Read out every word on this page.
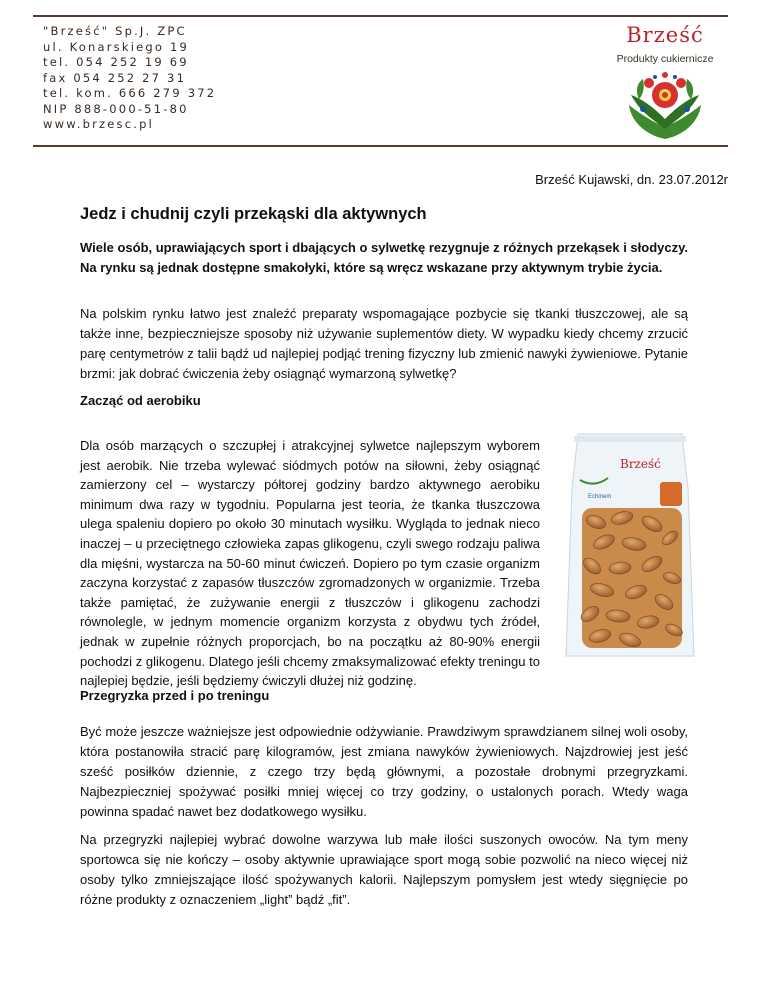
"Brześć" Sp.J. ZPC
ul. Konarskiego 19
tel. 054 252 19 69
fax 054 252 27 31
tel. kom. 666 279 372
NIP 888-000-51-80
www.brzesc.pl
Brześć
Produkty cukiernicze
Brześć Kujawski, dn. 23.07.2012r
Jedz i chudnij czyli przekąski dla aktywnych
Wiele osób, uprawiających sport i dbających o sylwetkę rezygnuje z różnych przekąsek i słodyczy. Na rynku są jednak dostępne smakołyki, które są wręcz wskazane przy aktywnym trybie życia.
Na polskim rynku łatwo jest znaleźć preparaty wspomagające pozbycie się tkanki tłuszczowej, ale są także inne, bezpieczniejsze sposoby niż używanie suplementów diety. W wypadku kiedy chcemy zrzucić parę centymetrów z talii bądź ud najlepiej podjąć trening fizyczny lub zmienić nawyki żywieniowe. Pytanie brzmi: jak dobrać ćwiczenia żeby osiągnąć wymarzoną sylwetkę?
Zacząć od aerobiku
Dla osób marzących o szczupłej i atrakcyjnej sylwetce najlepszym wyborem jest aerobik. Nie trzeba wylewać siódmych potów na siłowni, żeby osiągnąć zamierzony cel – wystarczy półtorej godziny bardzo aktywnego aerobiku minimum dwa razy w tygodniu. Popularna jest teoria, że tkanka tłuszczowa ulega spaleniu dopiero po około 30 minutach wysiłku. Wygląda to jednak nieco inaczej – u przeciętnego człowieka zapas glikogenu, czyli swego rodzaju paliwa dla mięśni, wystarcza na 50-60 minut ćwiczeń. Dopiero po tym czasie organizm zaczyna korzystać z zapasów tłuszczów zgromadzonych w organizmie. Trzeba także pamiętać, że zużywanie energii z tłuszczów i glikogenu zachodzi równolegle, w jednym momencie organizm korzysta z obydwu tych źródeł, jednak w zupełnie różnych proporcjach, bo na początku aż 80-90% energii pochodzi z glikogenu. Dlatego jeśli chcemy zmaksymalizować efekty treningu to najlepiej będzie, jeśli będziemy ćwiczyli dłużej niż godzinę.
Brześć
Echinem
Przegryzka przed i po treningu
Być może jeszcze ważniejsze jest odpowiednie odżywianie. Prawdziwym sprawdzianem silnej woli osoby, która postanowiła stracić parę kilogramów, jest zmiana nawyków żywieniowych. Najzdrowiej jest jeść sześć posiłków dziennie, z czego trzy będą głównymi, a pozostałe drobnymi przegryzkami. Najbezpieczniej spożywać posiłki mniej więcej co trzy godziny, o ustalonych porach. Wtedy waga powinna spadać nawet bez dodatkowego wysiłku.
Na przegryzki najlepiej wybrać dowolne warzywa lub małe ilości suszonych owoców. Na tym meny sportowca się nie kończy – osoby aktywnie uprawiające sport mogą sobie pozwolić na nieco więcej niż osoby tylko zmniejszające ilość spożywanych kalorii. Najlepszym pomysłem jest wtedy sięgnięcie po różne produkty z oznaczeniem „light” bądź „fit”.
